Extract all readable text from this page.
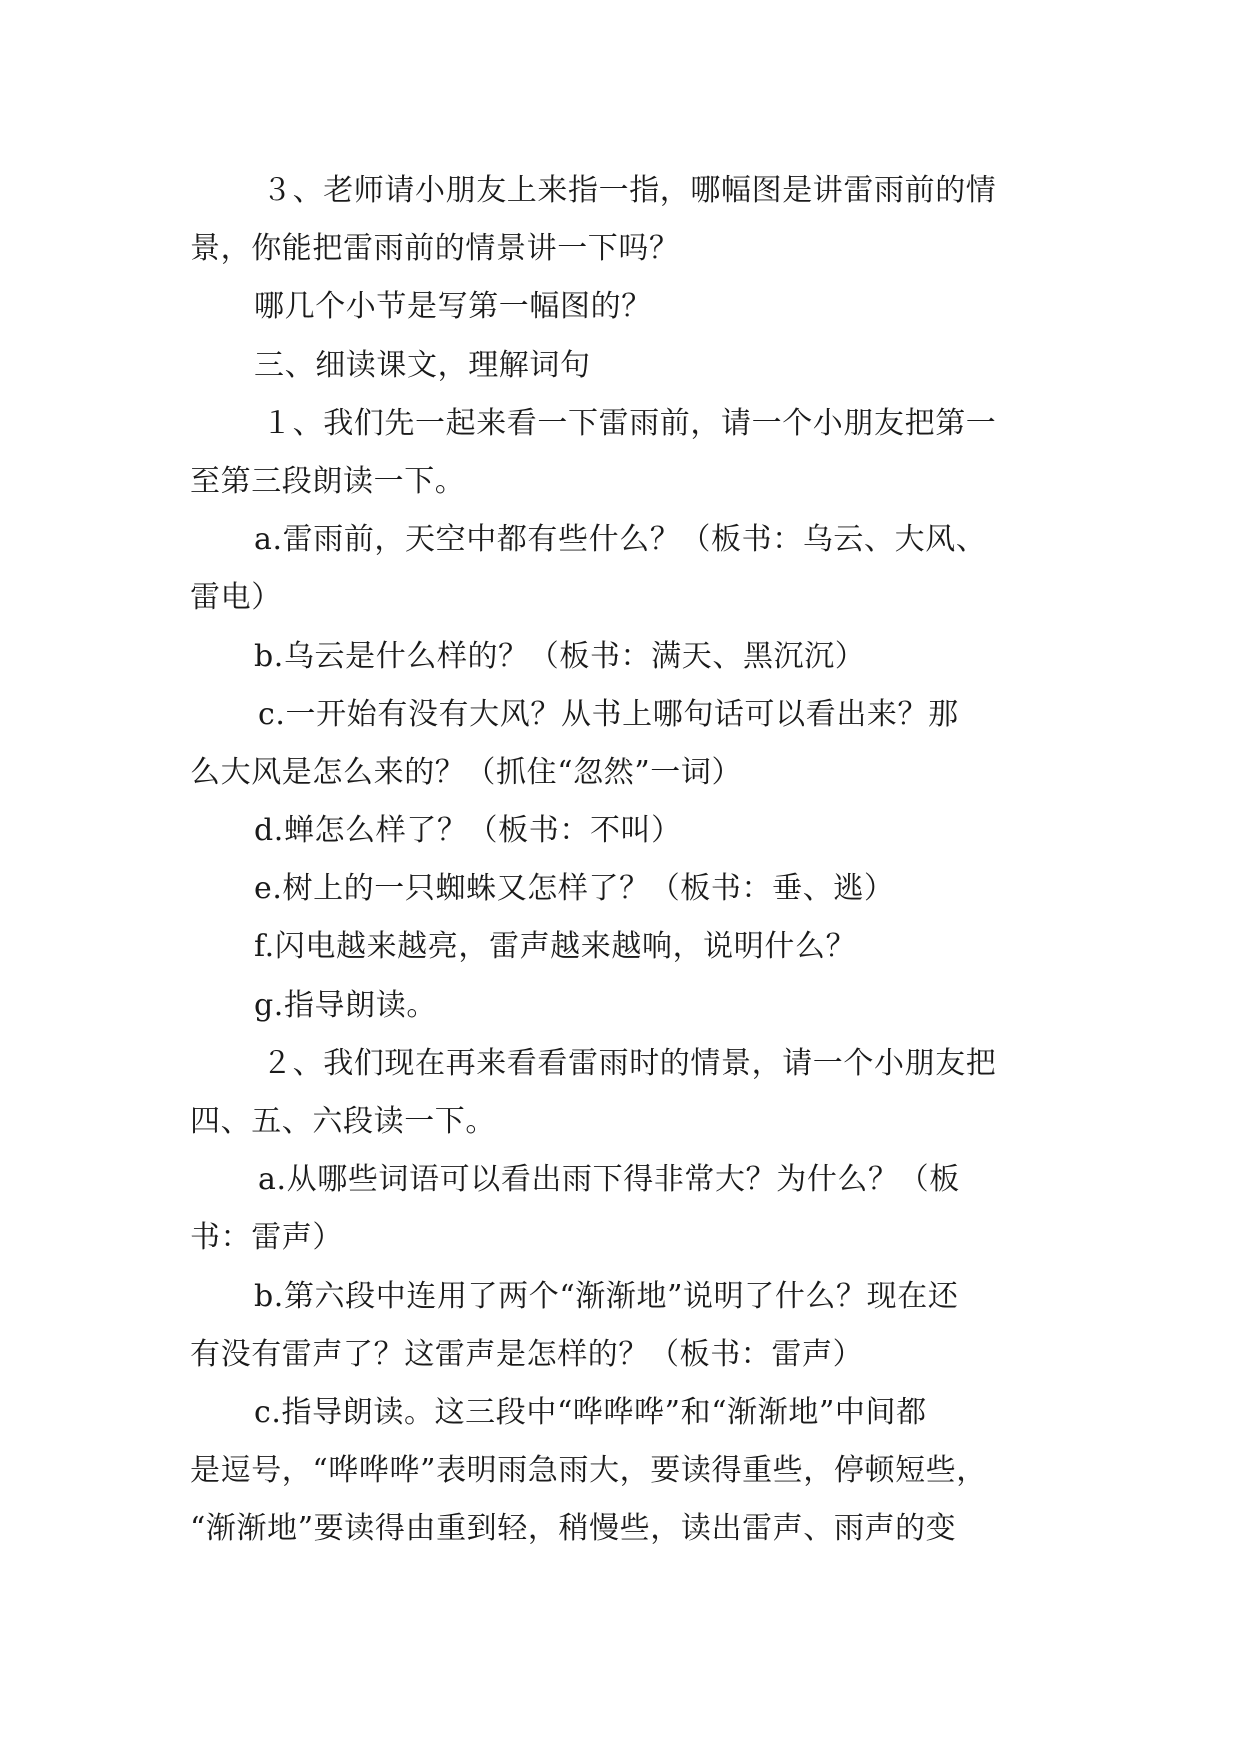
３、老师请小朋友上来指一指，哪幅图是讲雷雨前的情
景，你能把雷雨前的情景讲一下吗？
哪几个小节是写第一幅图的？
三、细读课文，理解词句
１、我们先一起来看一下雷雨前，请一个小朋友把第一
至第三段朗读一下。
a.雷雨前，天空中都有些什么？（板书：乌云、大风、
雷电）
b.乌云是什么样的？（板书：满天、黑沉沉）
c.一开始有没有大风？从书上哪句话可以看出来？那
么大风是怎么来的？（抓住“忽然”一词）
d.蝉怎么样了？（板书：不叫）
e.树上的一只蜘蛛又怎样了？（板书：垂、逃）
f.闪电越来越亮，雷声越来越响，说明什么？
g.指导朗读。
２、我们现在再来看看雷雨时的情景，请一个小朋友把
四、五、六段读一下。
a.从哪些词语可以看出雨下得非常大？为什么？（板
书：雷声）
b.第六段中连用了两个“渐渐地”说明了什么？现在还
有没有雷声了？这雷声是怎样的？（板书：雷声）
c.指导朗读。这三段中“哗哗哗”和“渐渐地”中间都
是逗号，“哗哗哗”表明雨急雨大，要读得重些，停顿短些，
“渐渐地”要读得由重到轻，稍慢些，读出雷声、雨声的变
